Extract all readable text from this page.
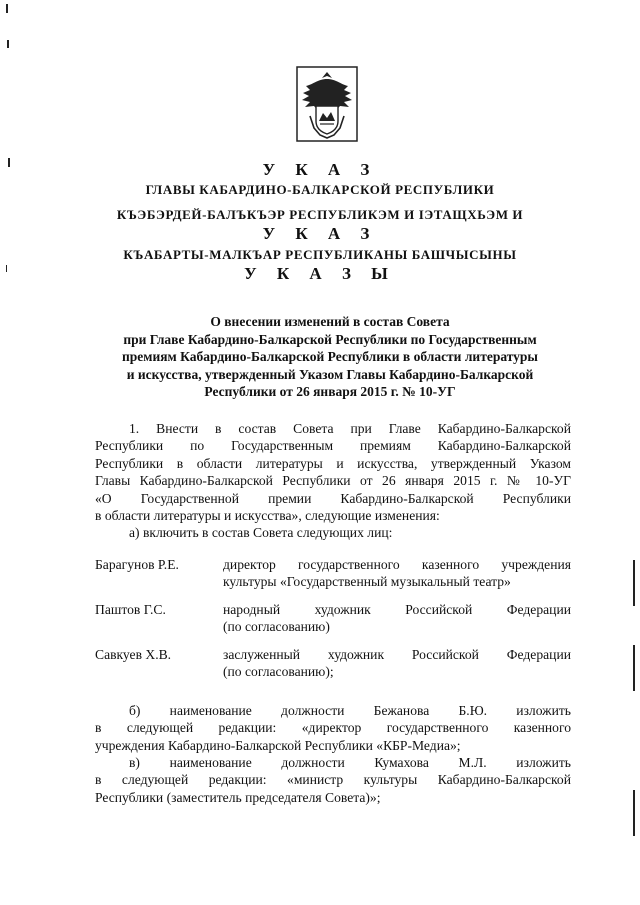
У К А З
ГЛАВЫ КАБАРДИНО-БАЛКАРСКОЙ РЕСПУБЛИКИ
КЪЭБЭРДЕЙ-БАЛЪКЪЭР РЕСПУБЛИКЭМ И ІЭТАЩХЬЭМ И
У К А З
КЪАБАРТЫ-МАЛКЪАР РЕСПУБЛИКАНЫ БАШЧЫСЫНЫ
У К А З Ы
О внесении изменений в состав Совета
при Главе Кабардино-Балкарской Республики по Государственным
премиям Кабардино-Балкарской Республики в области литературы
и искусства, утвержденный Указом Главы Кабардино-Балкарской
Республики от 26 января 2015 г. № 10-УГ
1. Внести в состав Совета при Главе Кабардино-Балкарской
Республики по Государственным премиям Кабардино-Балкарской
Республики в области литературы и искусства, утвержденный Указом
Главы Кабардино-Балкарской Республики от 26 января 2015 г. № 10-УГ
«О Государственной премии Кабардино-Балкарской Республики
в области литературы и искусства», следующие изменения:
а) включить в состав Совета следующих лиц:
Барагунов Р.Е.	директор государственного казенного учреждения
культуры «Государственный музыкальный театр»
Паштов Г.С.	народный художник Российской Федерации
(по согласованию)
Савкуев Х.В.	заслуженный художник Российской Федерации
(по согласованию);
б) наименование должности Бежанова Б.Ю. изложить
в следующей редакции: «директор государственного казенного
учреждения Кабардино-Балкарской Республики «КБР-Медиа»;
в) наименование должности Кумахова М.Л. изложить
в следующей редакции: «министр культуры Кабардино-Балкарской
Республики (заместитель председателя Совета)»;
